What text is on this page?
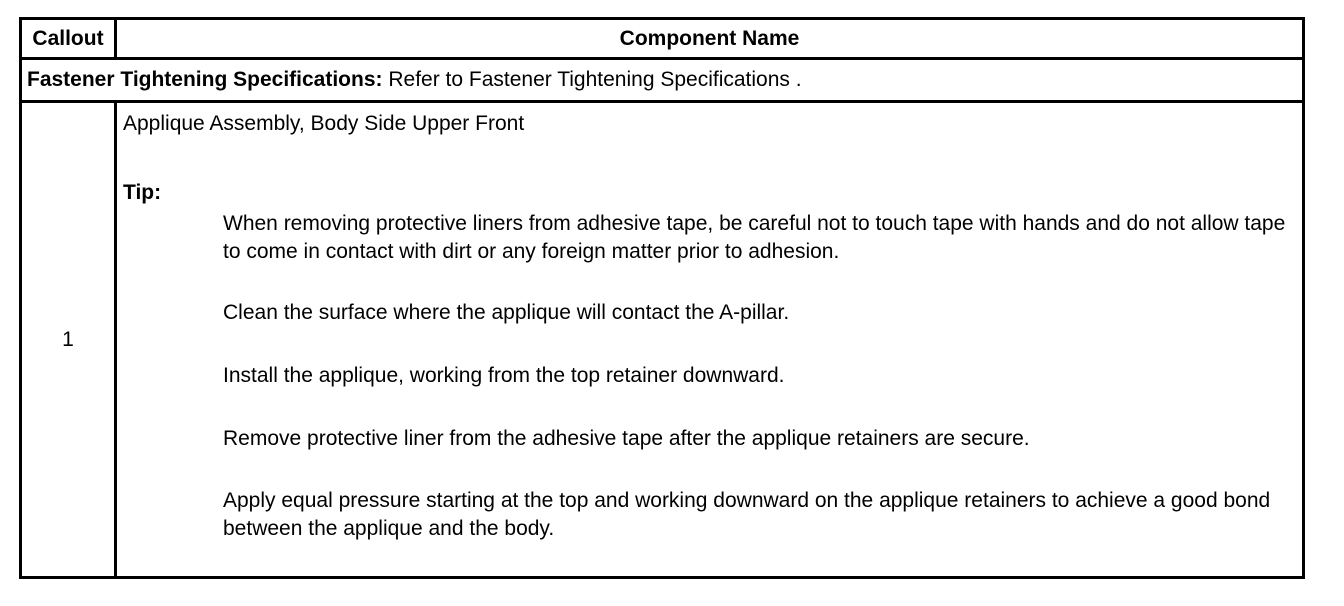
Callout	Component Name
Fastener Tightening Specifications: Refer to Fastener Tightening Specifications .
1
Applique Assembly, Body Side Upper Front
Tip:
When removing protective liners from adhesive tape, be careful not to touch tape with hands and do not allow tape to come in contact with dirt or any foreign matter prior to adhesion.
Clean the surface where the applique will contact the A-pillar.
Install the applique, working from the top retainer downward.
Remove protective liner from the adhesive tape after the applique retainers are secure.
Apply equal pressure starting at the top and working downward on the applique retainers to achieve a good bond between the applique and the body.
